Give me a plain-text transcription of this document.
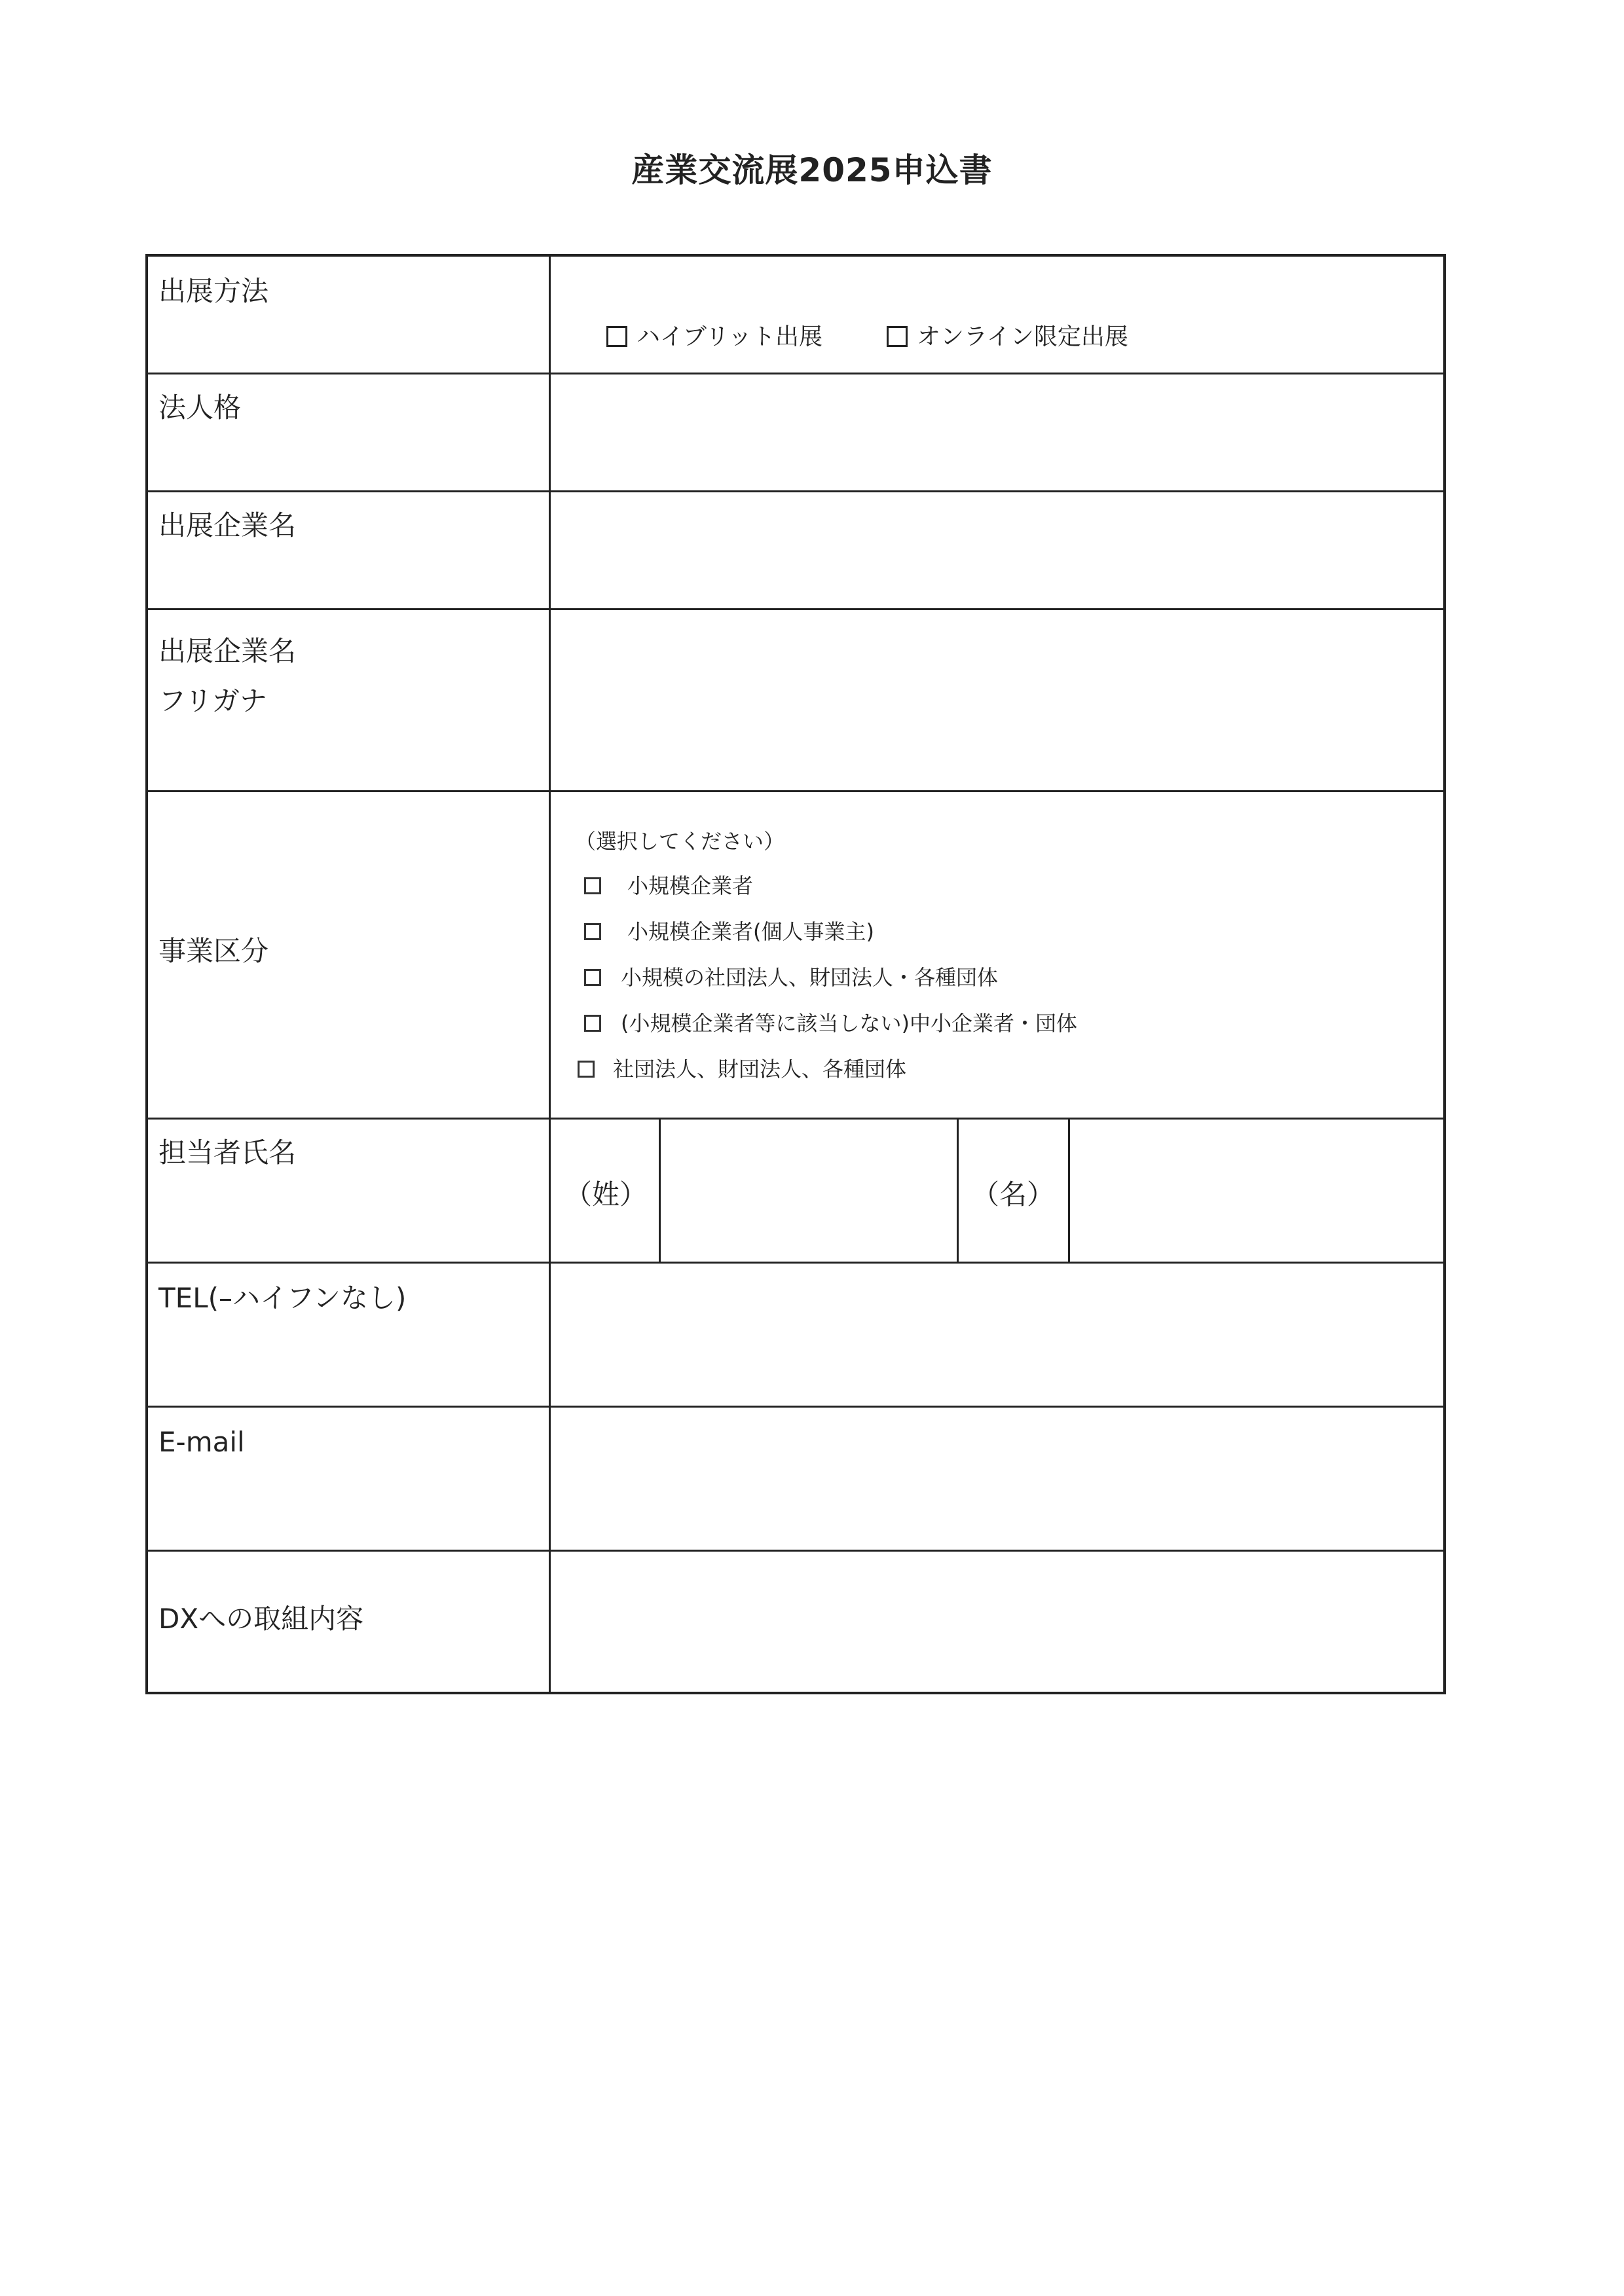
産業交流展2025申込書
出展方法
ハイブリット出展	オンライン限定出展
法人格
出展企業名
出展企業名
フリガナ
事業区分
（選択してください）
小規模企業者
小規模企業者(個人事業主)
小規模の社団法人、財団法人・各種団体
(小規模企業者等に該当しない)中小企業者・団体
社団法人、財団法人、各種団体
担当者氏名
（姓）	（名）
TEL(–ハイフンなし)
E-mail
DXへの取組内容
